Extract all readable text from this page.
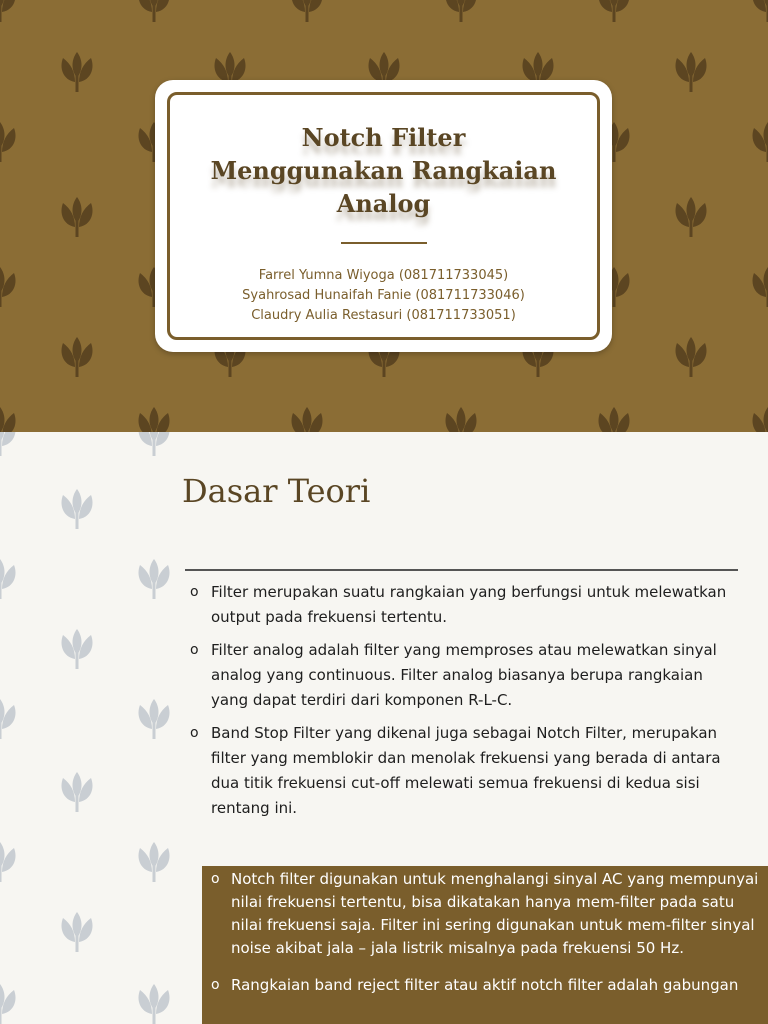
Notch Filter
Menggunakan Rangkaian
Analog
Farrel Yumna Wiyoga (081711733045)
Syahrosad Hunaifah Fanie (081711733046)
Claudry Aulia Restasuri (081711733051)
Dasar Teori
o Filter merupakan suatu rangkaian yang berfungsi untuk melewatkan output pada frekuensi tertentu.
o Filter analog adalah filter yang memproses atau melewatkan sinyal analog yang continuous. Filter analog biasanya berupa rangkaian yang dapat terdiri dari komponen R-L-C.
o Band Stop Filter yang dikenal juga sebagai Notch Filter, merupakan filter yang memblokir dan menolak frekuensi yang berada di antara dua titik frekuensi cut-off melewati semua frekuensi di kedua sisi rentang ini.
o Notch filter digunakan untuk menghalangi sinyal AC yang mempunyai nilai frekuensi tertentu, bisa dikatakan hanya mem-filter pada satu nilai frekuensi saja. Filter ini sering digunakan untuk mem-filter sinyal noise akibat jala – jala listrik misalnya pada frekuensi 50 Hz.
o Rangkaian band reject filter atau aktif notch filter adalah gabungan
